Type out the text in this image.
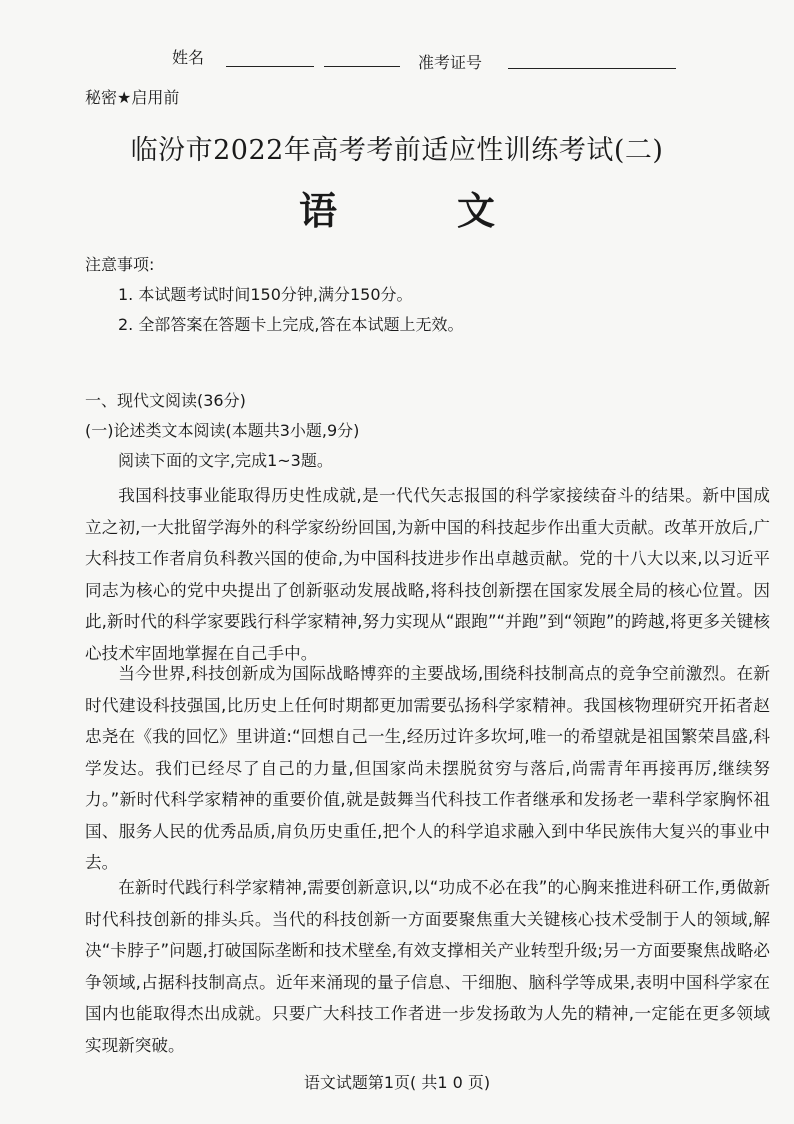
姓名	准考证号
秘密★启用前
临汾市2022年高考考前适应性训练考试(二)
语	文
注意事项:
1. 本试题考试时间150分钟,满分150分。
2. 全部答案在答题卡上完成,答在本试题上无效。
一、现代文阅读(36分)
(一)论述类文本阅读(本题共3小题,9分)
阅读下面的文字,完成1~3题。
我国科技事业能取得历史性成就,是一代代矢志报国的科学家接续奋斗的结果。新中国成立之初,一大批留学海外的科学家纷纷回国,为新中国的科技起步作出重大贡献。改革开放后,广大科技工作者肩负科教兴国的使命,为中国科技进步作出卓越贡献。党的十八大以来,以习近平同志为核心的党中央提出了创新驱动发展战略,将科技创新摆在国家发展全局的核心位置。因此,新时代的科学家要践行科学家精神,努力实现从“跟跑”“并跑”到“领跑”的跨越,将更多关键核心技术牢固地掌握在自己手中。
当今世界,科技创新成为国际战略博弈的主要战场,围绕科技制高点的竞争空前激烈。在新时代建设科技强国,比历史上任何时期都更加需要弘扬科学家精神。我国核物理研究开拓者赵忠尧在《我的回忆》里讲道:“回想自己一生,经历过许多坎坷,唯一的希望就是祖国繁荣昌盛,科学发达。我们已经尽了自己的力量,但国家尚未摆脱贫穷与落后,尚需青年再接再厉,继续努力。”新时代科学家精神的重要价值,就是鼓舞当代科技工作者继承和发扬老一辈科学家胸怀祖国、服务人民的优秀品质,肩负历史重任,把个人的科学追求融入到中华民族伟大复兴的事业中去。
在新时代践行科学家精神,需要创新意识,以“功成不必在我”的心胸来推进科研工作,勇做新时代科技创新的排头兵。当代的科技创新一方面要聚焦重大关键核心技术受制于人的领域,解决“卡脖子”问题,打破国际垄断和技术壁垒,有效支撑相关产业转型升级;另一方面要聚焦战略必争领域,占据科技制高点。近年来涌现的量子信息、干细胞、脑科学等成果,表明中国科学家在国内也能取得杰出成就。只要广大科技工作者进一步发扬敢为人先的精神,一定能在更多领域实现新突破。
语文试题第1页( 共1 0 页)
